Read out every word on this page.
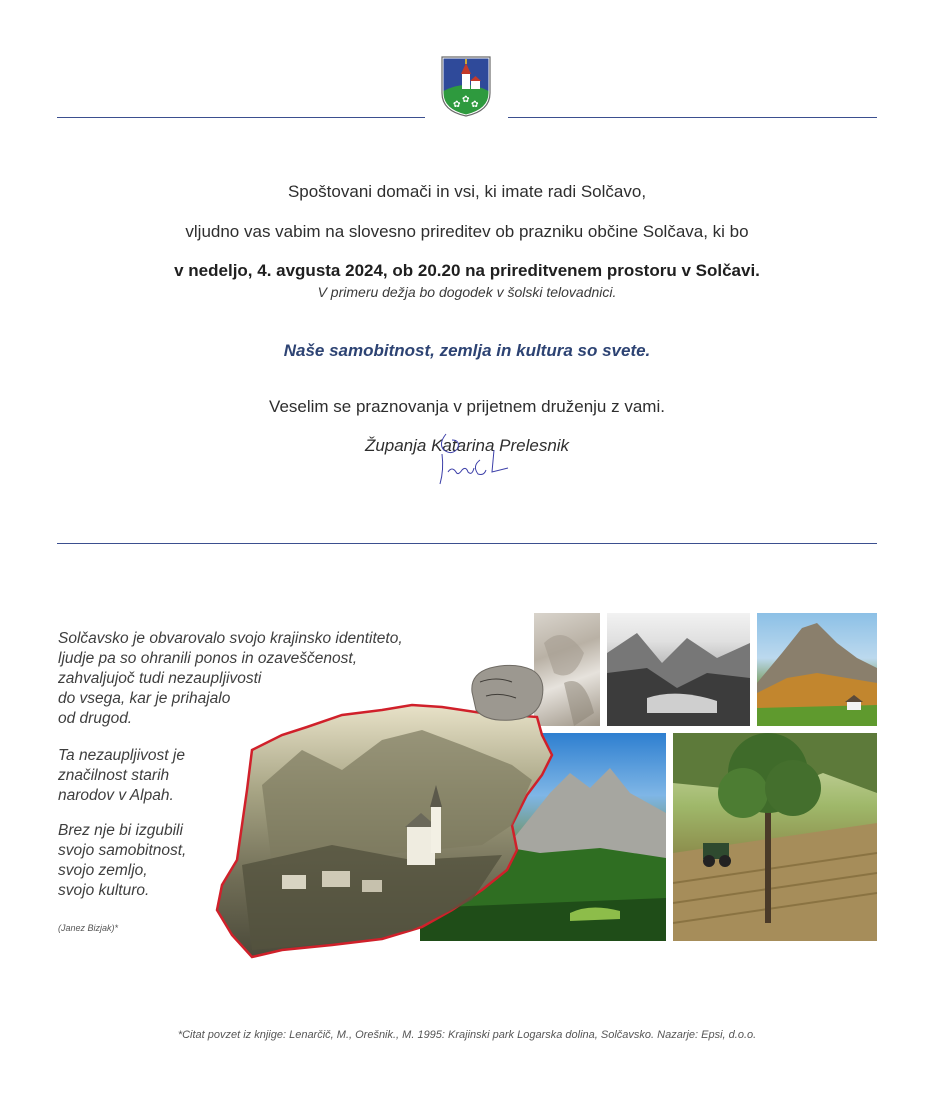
✿ ✿ ✿
Spoštovani domači in vsi, ki imate radi Solčavo,
vljudno vas vabim na slovesno prireditev ob prazniku občine Solčava, ki bo
v nedeljo, 4. avgusta 2024, ob 20.20 na prireditvenem prostoru v Solčavi.
V primeru dežja bo dogodek v šolski telovadnici.
Naše samobitnost, zemlja in kultura so svete.
Veselim se praznovanja v prijetnem druženju z vami.
Županja Katarina Prelesnik
Solčavsko je obvarovalo svojo krajinsko identiteto,
ljudje pa so ohranili ponos in ozaveščenost,
zahvaljujoč tudi nezaupljivosti
do vsega, kar je prihajalo
od drugod.
Ta nezaupljivost je
značilnost starih
narodov v Alpah.
Brez nje bi izgubili
svojo samobitnost,
svojo zemljo,
svojo kulturo.
(Janez Bizjak)*
*Citat povzet iz knjige: Lenarčič, M., Orešnik., M. 1995: Krajinski park Logarska dolina, Solčavsko. Nazarje: Epsi, d.o.o.
